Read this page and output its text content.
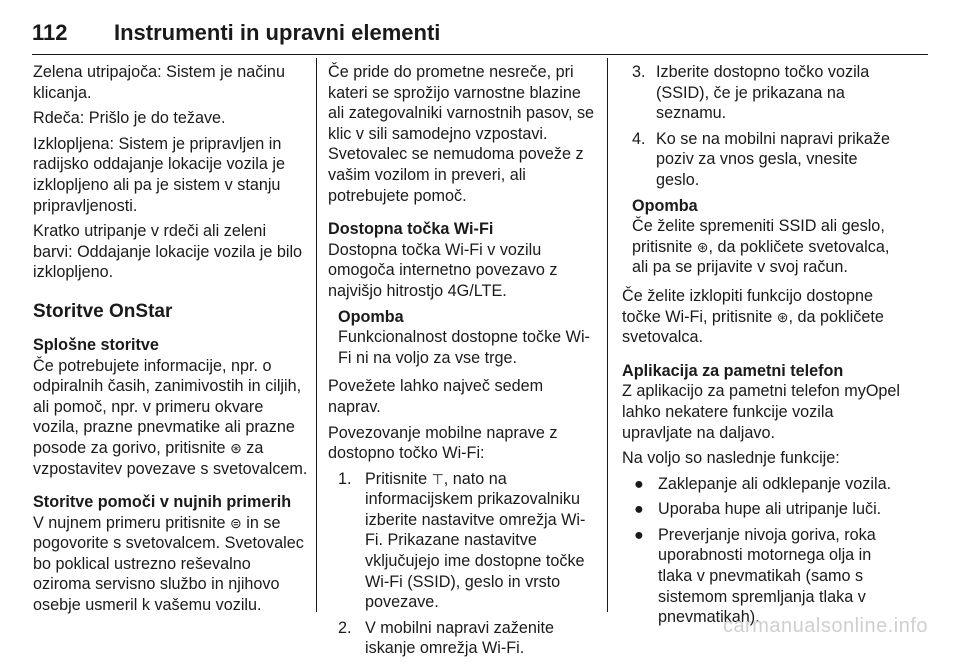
112 Instrumenti in upravni elementi

Zelena utripajoča: Sistem je načinu klicanja.

Rdeča: Prišlo je do težave.

Izklopljena: Sistem je pripravljen in radijsko oddajanje lokacije vozila je izklopljeno ali pa je sistem v stanju pripravljenosti.

Kratko utripanje v rdeči ali zeleni barvi: Oddajanje lokacije vozila je bilo izklopljeno.

Storitve OnStar
Splošne storitve

Če potrebujete informacije, npr. o odpiralnih časih, zanimivostih in ciljih, ali pomoč, npr. v primeru okvare vozila, prazne pnevmatike ali prazne posode za gorivo, pritisnite ⊛ za vzpostavitev povezave s svetovalcem.

Storitve pomoči v nujnih primerih

V nujnem primeru pritisnite ⊜ in se pogovorite s svetovalcem. Svetovalec bo poklical ustrezno reševalno oziroma servisno službo in njihovo osebje usmeril k vašemu vozilu.

Če pride do prometne nesreče, pri kateri se sprožijo varnostne blazine ali zategovalniki varnostnih pasov, se klic v sili samodejno vzpostavi. Svetovalec se nemudoma poveže z vašim vozilom in preveri, ali potrebujete pomoč.

Dostopna točka Wi-Fi

Dostopna točka Wi-Fi v vozilu omogoča internetno povezavo z najvišjo hitrostjo 4G/LTE.

Opomba
Funkcionalnost dostopne točke Wi-Fi ni na voljo za vse trge.

Povežete lahko največ sedem naprav.

Povezovanje mobilne naprave z dostopno točko Wi-Fi:

1. Pritisnite ⊤, nato na informacijskem prikazovalniku izberite nastavitve omrežja Wi-Fi. Prikazane nastavitve vključujejo ime dostopne točke Wi-Fi (SSID), geslo in vrsto povezave.
2. V mobilni napravi zaženite iskanje omrežja Wi-Fi.
3. Izberite dostopno točko vozila (SSID), če je prikazana na seznamu.
4. Ko se na mobilni napravi prikaže poziv za vnos gesla, vnesite geslo.
Opomba
Če želite spremeniti SSID ali geslo, pritisnite ⊛, da pokličete svetovalca, ali pa se prijavite v svoj račun.

Če želite izklopiti funkcijo dostopne točke Wi-Fi, pritisnite ⊛, da pokličete svetovalca.

Aplikacija za pametni telefon

Z aplikacijo za pametni telefon myOpel lahko nekatere funkcije vozila upravljate na daljavo.

Na voljo so naslednje funkcije:

● Zaklepanje ali odklepanje vozila.
● Uporaba hupe ali utripanje luči.
● Preverjanje nivoja goriva, roka uporabnosti motornega olja in tlaka v pnevmatikah (samo s sistemom spremljanja tlaka v pnevmatikah).
carmanualsonline.info
